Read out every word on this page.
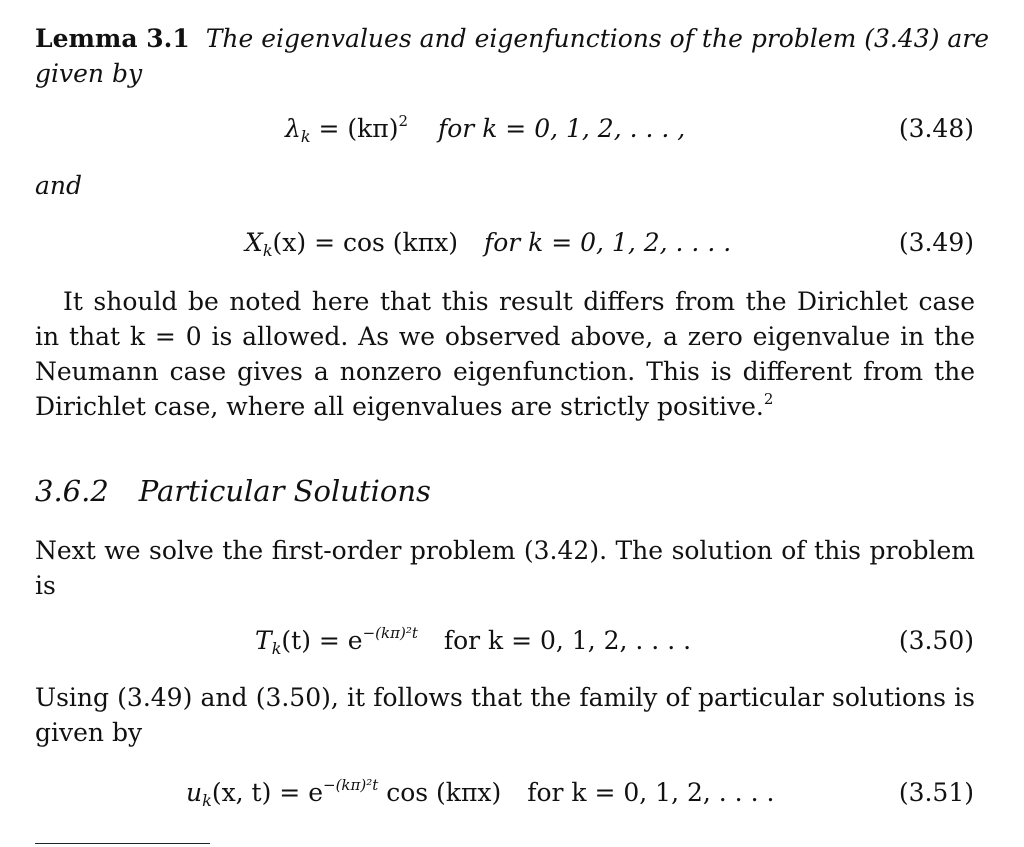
Lemma 3.1 The eigenvalues and eigenfunctions of the problem (3.43) are
given by
$\lambda_k = (k\pi)^2$ for k = 0, 1, 2, . . . ,	(3.48)
and
$X_k(x) = \cos (k\pi x)$ for k = 0, 1, 2, . . . .	(3.49)
It should be noted here that this result differs from the Dirichlet case in that k = 0 is allowed. As we observed above, a zero eigenvalue in the Neumann case gives a nonzero eigenfunction. This is different from the Dirichlet case, where all eigenvalues are strictly positive.$^2$
3.6.2 Particular Solutions
Next we solve the first-order problem (3.42). The solution of this problem is
$T_k(t) = e^{-(k\pi)^2t}$ for k = 0, 1, 2, . . . .	(3.50)
Using (3.49) and (3.50), it follows that the family of particular solutions is given by
$u_k(x$, $t) = e^{-(k\pi)^2t}$ cos (kπx) for k = 0, 1, 2, . . . .	(3.51)
